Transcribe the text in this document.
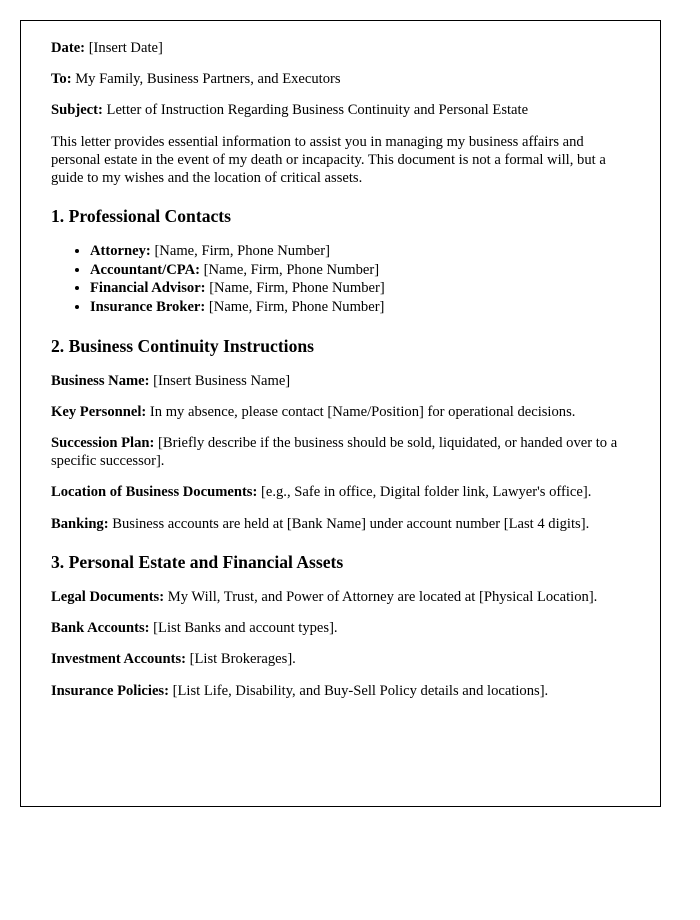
Date: [Insert Date]

To: My Family, Business Partners, and Executors

Subject: Letter of Instruction Regarding Business Continuity and Personal Estate

This letter provides essential information to assist you in managing my business affairs and personal estate in the event of my death or incapacity. This document is not a formal will, but a guide to my wishes and the location of critical assets.

1. Professional Contacts
• Attorney: [Name, Firm, Phone Number]
• Accountant/CPA: [Name, Firm, Phone Number]
• Financial Advisor: [Name, Firm, Phone Number]
• Insurance Broker: [Name, Firm, Phone Number]
2. Business Continuity Instructions

Business Name: [Insert Business Name]

Key Personnel: In my absence, please contact [Name/Position] for operational decisions.

Succession Plan: [Briefly describe if the business should be sold, liquidated, or handed over to a specific successor].

Location of Business Documents: [e.g., Safe in office, Digital folder link, Lawyer's office].

Banking: Business accounts are held at [Bank Name] under account number [Last 4 digits].

3. Personal Estate and Financial Assets

Legal Documents: My Will, Trust, and Power of Attorney are located at [Physical Location].

Bank Accounts: [List Banks and account types].

Investment Accounts: [List Brokerages].

Insurance Policies: [List Life, Disability, and Buy-Sell Policy details and locations].
